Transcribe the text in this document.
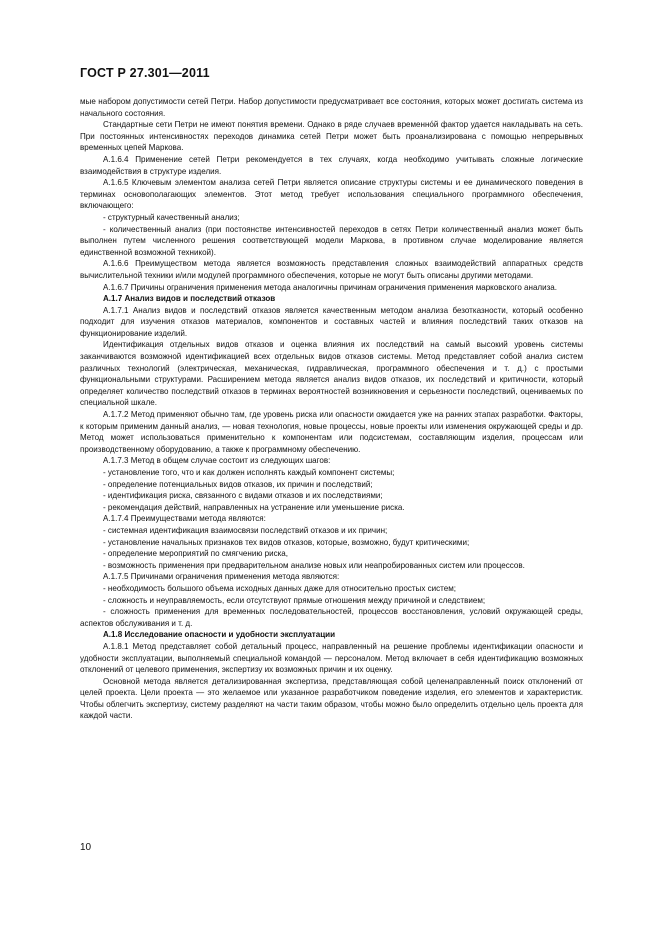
ГОСТ Р 27.301—2011

мые набором допустимости сетей Петри. Набор допустимости предусматривает все состояния, которых может достигать система из начального состояния.

Стандартные сети Петри не имеют понятия времени. Однако в ряде случаев временно́й фактор удается накладывать на сеть. При постоянных интенсивностях переходов динамика сетей Петри может быть проанализирована с помощью непрерывных временных цепей Маркова.

А.1.6.4 Применение сетей Петри рекомендуется в тех случаях, когда необходимо учитывать сложные логические взаимодействия в структуре изделия.

А.1.6.5 Ключевым элементом анализа сетей Петри является описание структуры системы и ее динамического поведения в терминах основополагающих элементов. Этот метод требует использования специального программного обеспечения, включающего:

- структурный качественный анализ;

- количественный анализ (при постоянстве интенсивностей переходов в сетях Петри количественный анализ может быть выполнен путем численного решения соответствующей модели Маркова, в противном случае моделирование является единственной возможной техникой).

А.1.6.6 Преимуществом метода является возможность представления сложных взаимодействий аппаратных средств вычислительной техники и/или модулей программного обеспечения, которые не могут быть описаны другими методами.

А.1.6.7 Причины ограничения применения метода аналогичны причинам ограничения применения марковского анализа.

А.1.7 Анализ видов и последствий отказов

А.1.7.1 Анализ видов и последствий отказов является качественным методом анализа безотказности, который особенно подходит для изучения отказов материалов, компонентов и составных частей и влияния последствий таких отказов на функционирование изделий.

Идентификация отдельных видов отказов и оценка влияния их последствий на самый высокий уровень системы заканчиваются возможной идентификацией всех отдельных видов отказов системы. Метод представляет собой анализ систем различных технологий (электрическая, механическая, гидравлическая, программного обеспечения и т. д.) с простыми функциональными структурами. Расширением метода является анализ видов отказов, их последствий и критичности, который определяет количество последствий отказов в терминах вероятностей возникновения и серьезности последствий, оцениваемых по специальной шкале.

А.1.7.2 Метод применяют обычно там, где уровень риска или опасности ожидается уже на ранних этапах разработки. Факторы, к которым применим данный анализ, — новая технология, новые процессы, новые проекты или изменения окружающей среды и др. Метод может использоваться применительно к компонентам или подсистемам, составляющим изделия, процессам или производственному оборудованию, а также к программному обеспечению.

А.1.7.3 Метод в общем случае состоит из следующих шагов:

- установление того, что и как должен исполнять каждый компонент системы;

- определение потенциальных видов отказов, их причин и последствий;

- идентификация риска, связанного с видами отказов и их последствиями;

- рекомендация действий, направленных на устранение или уменьшение риска.

А.1.7.4 Преимуществами метода являются:

- системная идентификация взаимосвязи последствий отказов и их причин;

- установление начальных признаков тех видов отказов, которые, возможно, будут критическими;

- определение мероприятий по смягчению риска,

- возможность применения при предварительном анализе новых или неапробированных систем или процессов.

А.1.7.5 Причинами ограничения применения метода являются:

- необходимость большого объема исходных данных даже для относительно простых систем;

- сложность и неуправляемость, если отсутствуют прямые отношения между причиной и следствием;

- сложность применения для временных последовательностей, процессов восстановления, условий окружающей среды, аспектов обслуживания и т. д.

А.1.8 Исследование опасности и удобности эксплуатации

А.1.8.1 Метод представляет собой детальный процесс, направленный на решение проблемы идентификации опасности и удобности эксплуатации, выполняемый специальной командой — персоналом. Метод включает в себя идентификацию возможных отклонений от целевого применения, экспертизу их возможных причин и их оценку.

Основной метода является детализированная экспертиза, представляющая собой целенаправленный поиск отклонений от целей проекта. Цели проекта — это желаемое или указанное разработчиком поведение изделия, его элементов и характеристик. Чтобы облегчить экспертизу, систему разделяют на части таким образом, чтобы можно было определить отдельно цель проекта для каждой части.

10
